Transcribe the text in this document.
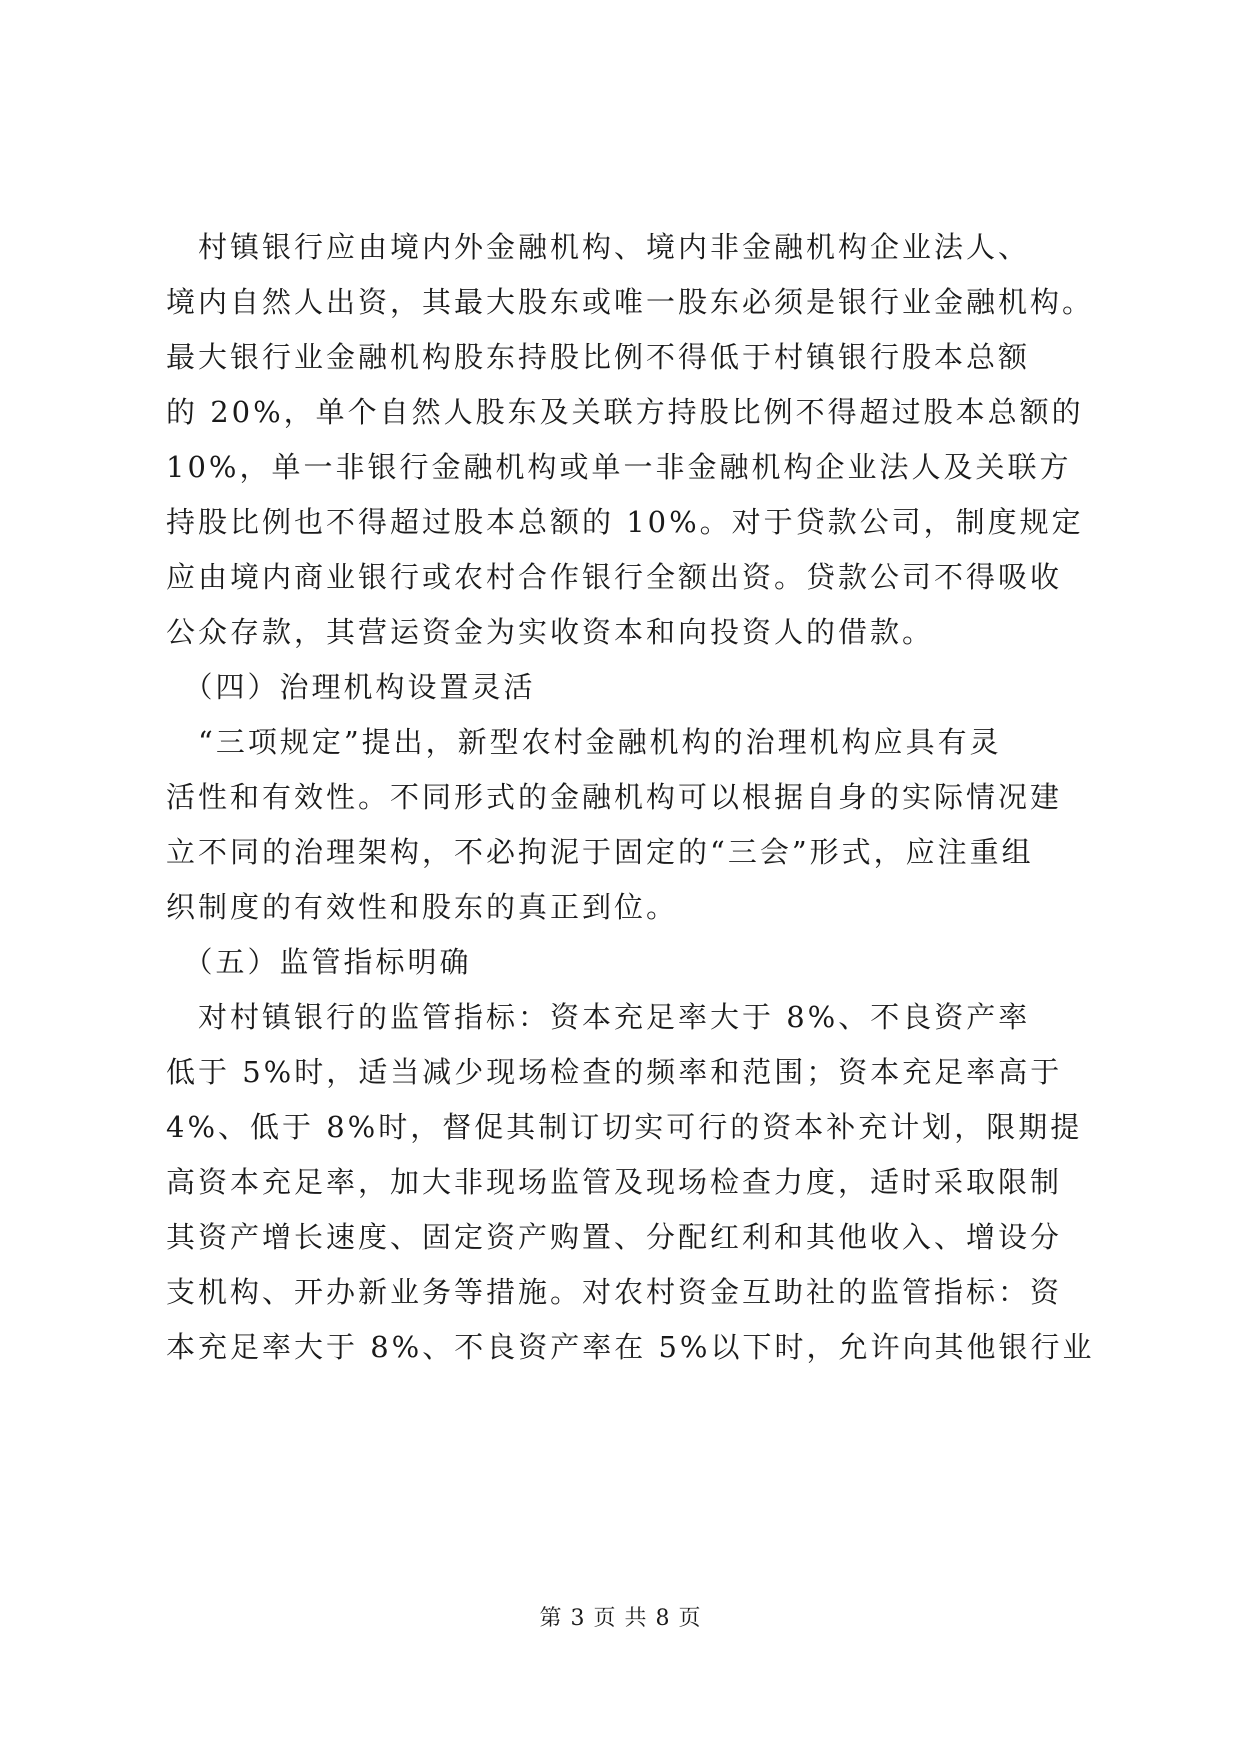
　村镇银行应由境内外金融机构、境内非金融机构企业法人、
境内自然人出资，其最大股东或唯一股东必须是银行业金融机构。
最大银行业金融机构股东持股比例不得低于村镇银行股本总额
的 20%，单个自然人股东及关联方持股比例不得超过股本总额的
10%，单一非银行金融机构或单一非金融机构企业法人及关联方
持股比例也不得超过股本总额的 10%。对于贷款公司，制度规定
应由境内商业银行或农村合作银行全额出资。贷款公司不得吸收
公众存款，其营运资金为实收资本和向投资人的借款。
　（四）治理机构设置灵活
　“三项规定”提出，新型农村金融机构的治理机构应具有灵
活性和有效性。不同形式的金融机构可以根据自身的实际情况建
立不同的治理架构，不必拘泥于固定的“三会”形式，应注重组
织制度的有效性和股东的真正到位。
　（五）监管指标明确
　对村镇银行的监管指标：资本充足率大于 8%、不良资产率
低于 5%时，适当减少现场检查的频率和范围；资本充足率高于
4%、低于 8%时，督促其制订切实可行的资本补充计划，限期提
高资本充足率，加大非现场监管及现场检查力度，适时采取限制
其资产增长速度、固定资产购置、分配红利和其他收入、增设分
支机构、开办新业务等措施。对农村资金互助社的监管指标：资
本充足率大于 8%、不良资产率在 5%以下时，允许向其他银行业
第 3 页 共 8 页
